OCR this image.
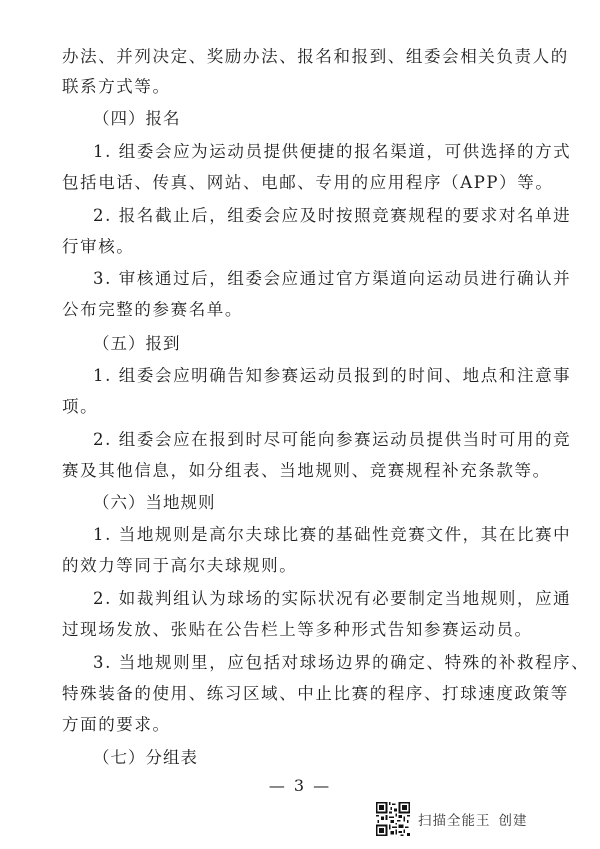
办法、并列决定、奖励办法、报名和报到、组委会相关负责人的
联系方式等。
（四）报名
1. 组委会应为运动员提供便捷的报名渠道，可供选择的方式
包括电话、传真、网站、电邮、专用的应用程序（APP）等。
2. 报名截止后，组委会应及时按照竞赛规程的要求对名单进
行审核。
3. 审核通过后，组委会应通过官方渠道向运动员进行确认并
公布完整的参赛名单。
（五）报到
1. 组委会应明确告知参赛运动员报到的时间、地点和注意事
项。
2. 组委会应在报到时尽可能向参赛运动员提供当时可用的竞
赛及其他信息，如分组表、当地规则、竞赛规程补充条款等。
（六）当地规则
1. 当地规则是高尔夫球比赛的基础性竞赛文件，其在比赛中
的效力等同于高尔夫球规则。
2. 如裁判组认为球场的实际状况有必要制定当地规则，应通
过现场发放、张贴在公告栏上等多种形式告知参赛运动员。
3. 当地规则里，应包括对球场边界的确定、特殊的补救程序、
特殊装备的使用、练习区域、中止比赛的程序、打球速度政策等
方面的要求。
（七）分组表
— 3 —
扫描全能王 创建
